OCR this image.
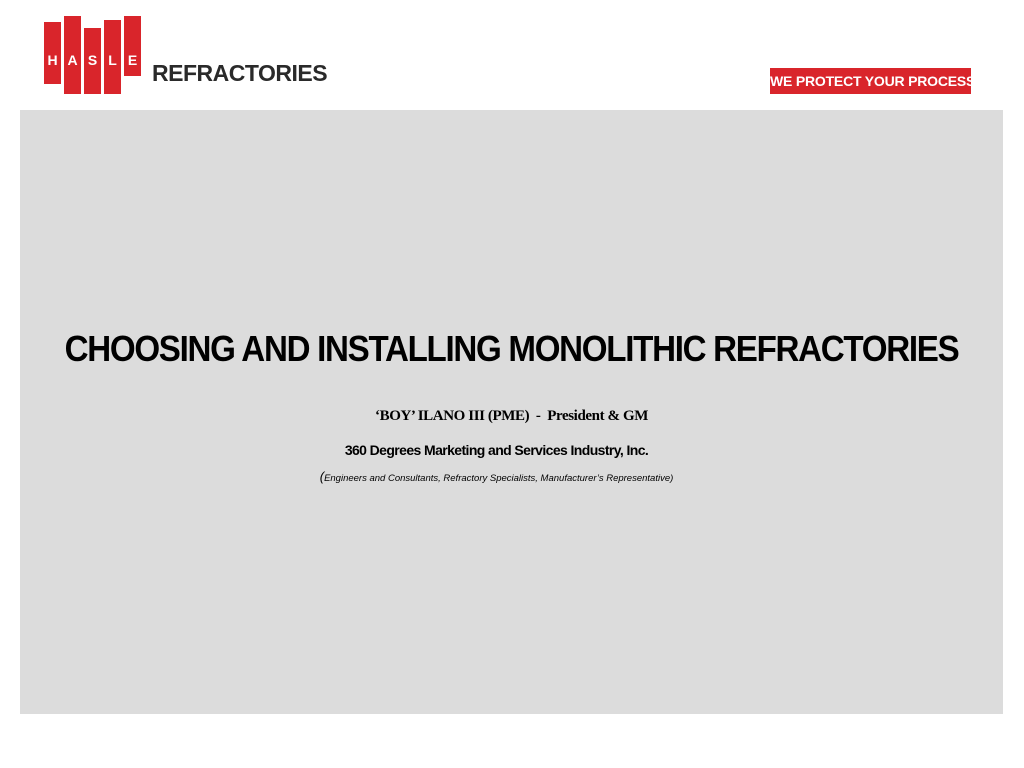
H A S L E REFRACTORIES	WE PROTECT YOUR PROCESS
CHOOSING AND INSTALLING MONOLITHIC REFRACTORIES
‘BOY’ ILANO III (PME)  -  President & GM
360 Degrees Marketing and Services Industry, Inc.
(Engineers and Consultants, Refractory Specialists, Manufacturer’s Representative)
